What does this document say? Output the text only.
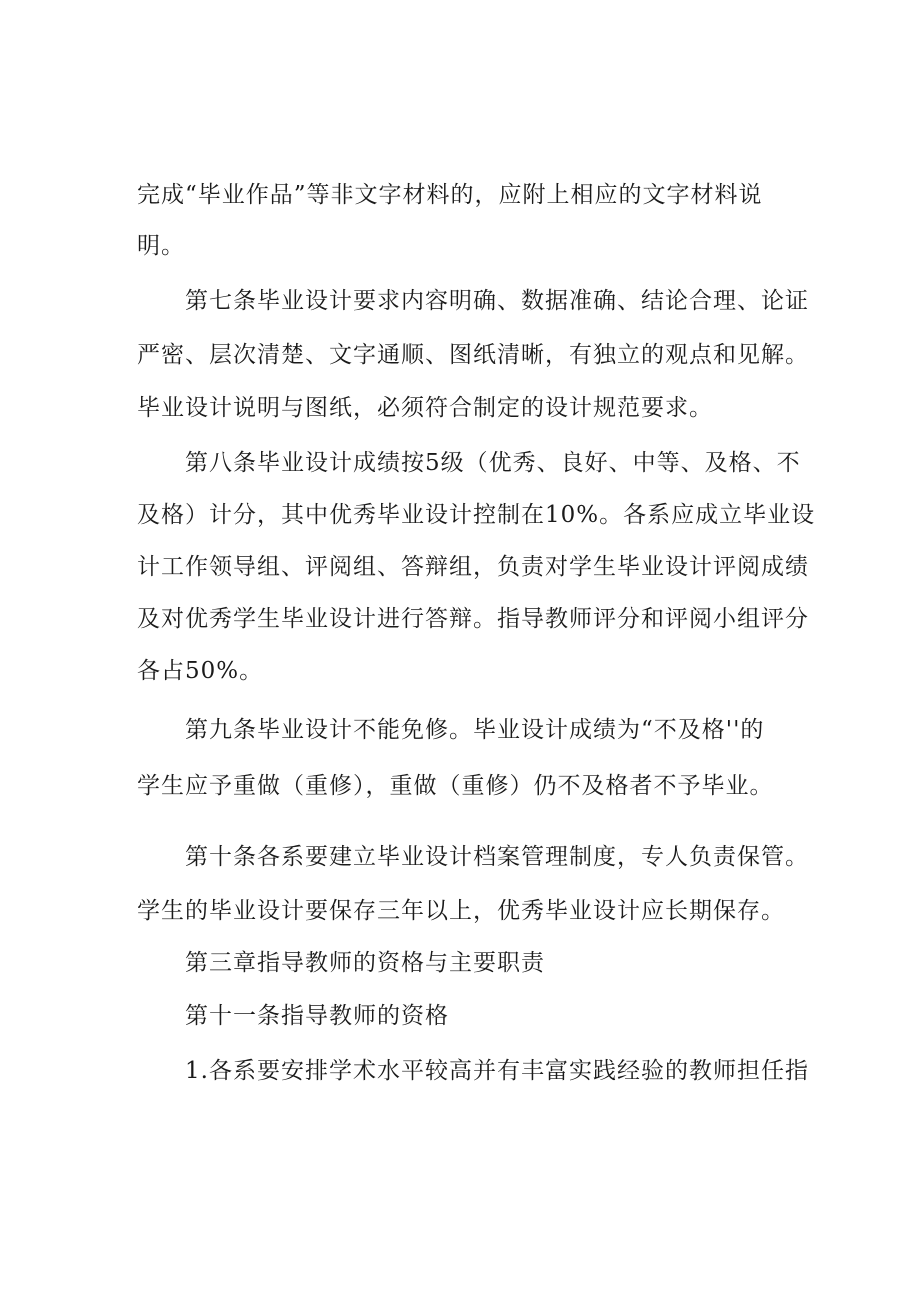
完成“毕业作品”等非文字材料的，应附上相应的文字材料说

明。

第七条毕业设计要求内容明确、数据准确、结论合理、论证

严密、层次清楚、文字通顺、图纸清晰，有独立的观点和见解。

毕业设计说明与图纸，必须符合制定的设计规范要求。

第八条毕业设计成绩按5级（优秀、良好、中等、及格、不

及格）计分，其中优秀毕业设计控制在10%。各系应成立毕业设

计工作领导组、评阅组、答辩组，负责对学生毕业设计评阅成绩

及对优秀学生毕业设计进行答辩。指导教师评分和评阅小组评分

各占50%。

第九条毕业设计不能免修。毕业设计成绩为“不及格''的

学生应予重做（重修），重做（重修）仍不及格者不予毕业。

第十条各系要建立毕业设计档案管理制度，专人负责保管。

学生的毕业设计要保存三年以上，优秀毕业设计应长期保存。

第三章指导教师的资格与主要职责

第十一条指导教师的资格

1.各系要安排学术水平较高并有丰富实践经验的教师担任指
